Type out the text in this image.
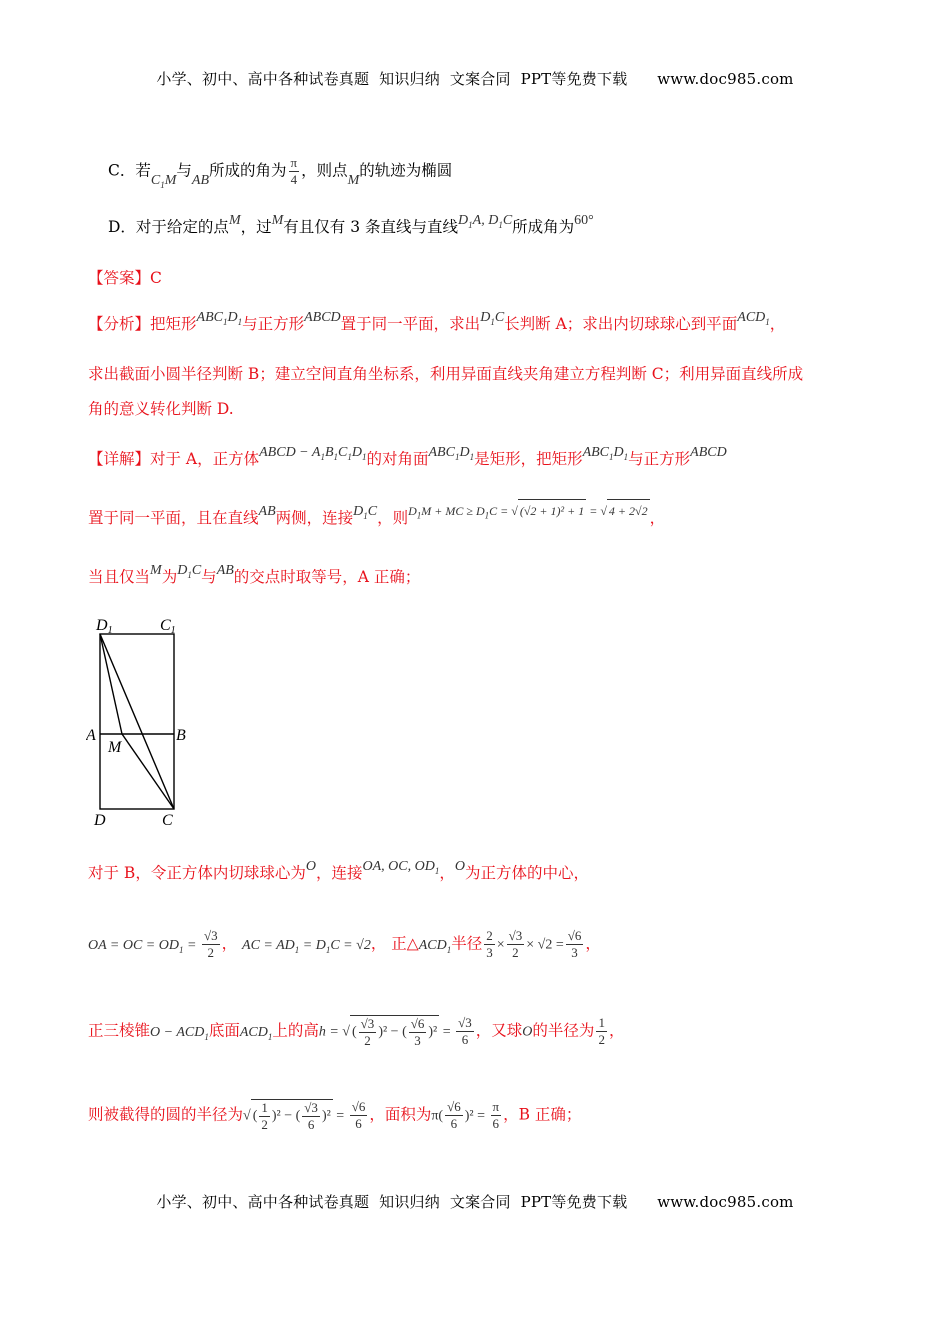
小学、初中、高中各种试卷真题  知识归纳  文案合同  PPT等免费下载      www.doc985.com
C．若$C_1M$与AB所成的角为 $\frac{\pi}{4}$ ，则点M的轨迹为椭圆
D．对于给定的点M，过M有且仅有 3 条直线与直线$D_1A$, $D_1C$所成角为60°
【答案】C
【分析】把矩形$ABC_1D_1$与正方形ABCD置于同一平面，求出$D_1C$长判断 A；求出内切球球心到平面$ACD_1$，
求出截面小圆半径判断 B；建立空间直角坐标系，利用异面直线夹角建立方程判断 C；利用异面直线所成
角的意义转化判断 D.
【详解】对于 A，正方体ABCD − $A_1B_1C_1D_1$的对角面$ABC_1D_1$是矩形，把矩形$ABC_1D_1$与正方形ABCD
置于同一平面，且在直线AB两侧，连接$D_1C$，则$^{D_1M + MC \ge D_1C = √ (√2 + 1)^2 + 1 = √ 4 + 2√2}$ ，
当且仅当M为$D_1C$与AB的交点时取等号，A 正确；
D1	C1
A	B
M
D	C
对于 B，令正方体内切球球心为O，连接OA, OC, $OD_1$，O为正方体的中心，
OA = OC = $OD_1 = \frac{√3}{2}$ ， AC = $AD_1 = D_1C = √2$， 正$\triangle ACD_1$半径 $\frac{2}{3} \times \frac{√3}{2} \times √2 = \frac{√6}{3}$ ，
正三棱锥$O - ACD_1$底面$ACD_1$上的高h = √ ( $\frac{√3}{2} )^2$ − ( $\frac{√6}{3} )^2 = \frac{√3}{6}$ ，又球O的半径为 $\frac{1}{2}$ ，
则被截得的圆的半径为√ ( $\frac{1}{2} )^2$ − ( $\frac{√3}{6} )^2 = \frac{√6}{6}$ ，面积为$\pi( \frac{√6}{6} )^2 = \frac{\pi}{6}$ ，B 正确；
小学、初中、高中各种试卷真题  知识归纳  文案合同  PPT等免费下载      www.doc985.com
